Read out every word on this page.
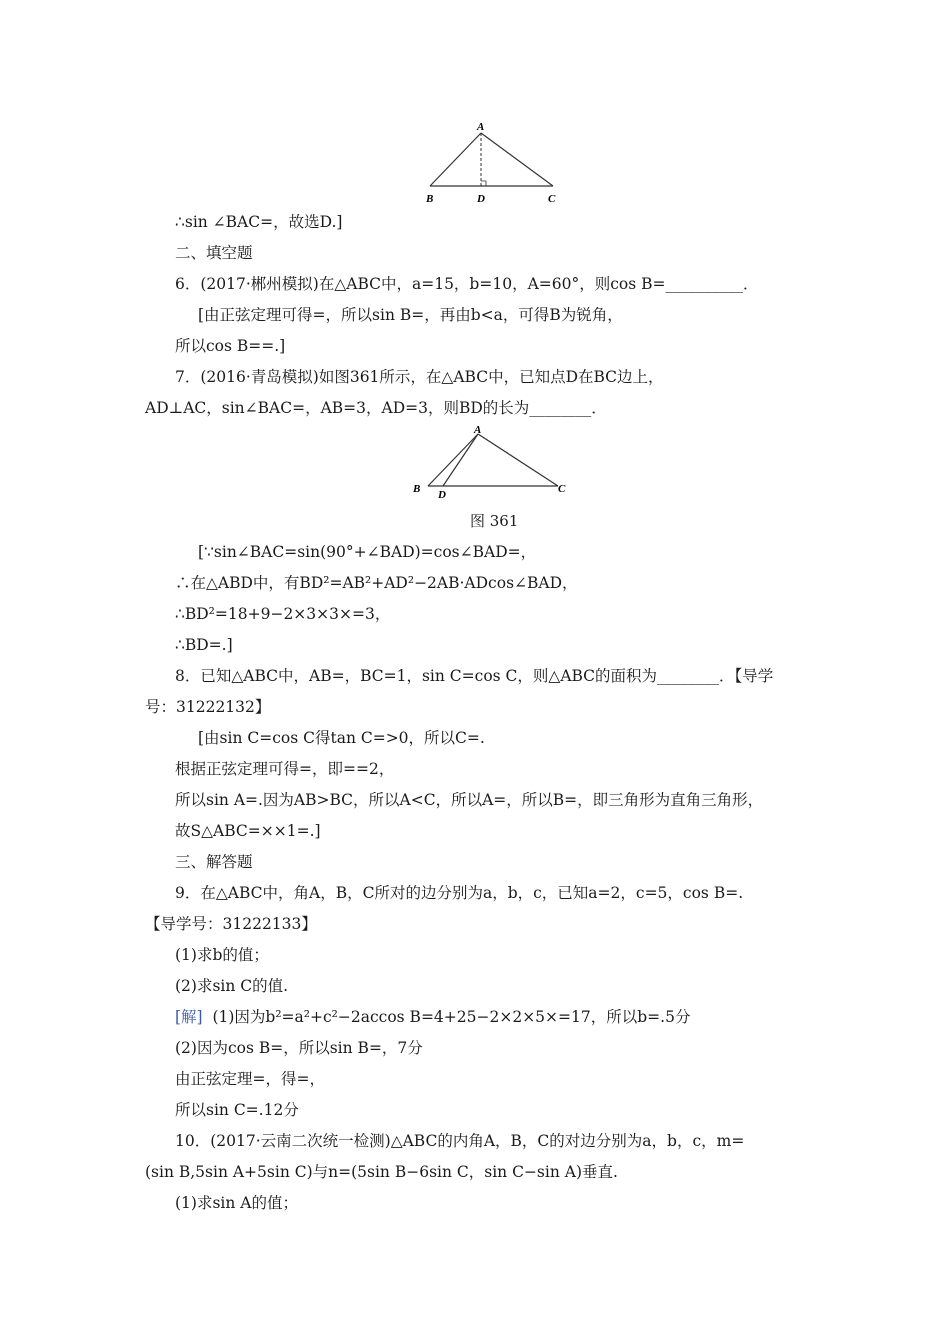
A
B	D	C
∴sin ∠BAC=，故选D.]
二、填空题
6．(2017·郴州模拟)在△ABC中，a=15，b=10，A=60°，则cos B=__________．
[由正弦定理可得=，所以sin B=，再由b<a，可得B为锐角，
所以cos B==.]
7．(2016·青岛模拟)如图361所示，在△ABC中，已知点D在BC边上，
AD⊥AC，sin∠BAC=，AB=3，AD=3，则BD的长为________．
A
B D	C
图 361
[∵sin∠BAC=sin(90°+∠BAD)=cos∠BAD=，
∴在△ABD中，有BD²=AB²+AD²−2AB·ADcos∠BAD，
∴BD²=18+9−2×3×3×=3，
∴BD=.]
8．已知△ABC中，AB=，BC=1，sin C=cos C，则△ABC的面积为________．【导学
号：31222132】
[由sin C=cos C得tan C=>0，所以C=.
根据正弦定理可得=，即==2，
所以sin A=.因为AB>BC，所以A<C，所以A=，所以B=，即三角形为直角三角形，
故S△ABC=××1=.]
三、解答题
9．在△ABC中，角A，B，C所对的边分别为a，b，c，已知a=2，c=5，cos B=.
【导学号：31222133】
(1)求b的值；
(2)求sin C的值.
[解] (1)因为b²=a²+c²−2accos B=4+25−2×2×5×=17，所以b=.5分
(2)因为cos B=，所以sin B=，7分
由正弦定理=，得=，
所以sin C=.12分
10．(2017·云南二次统一检测)△ABC的内角A，B，C的对边分别为a，b，c，m=
(sin B,5sin A+5sin C)与n=(5sin B−6sin C，sin C−sin A)垂直.
(1)求sin A的值；
